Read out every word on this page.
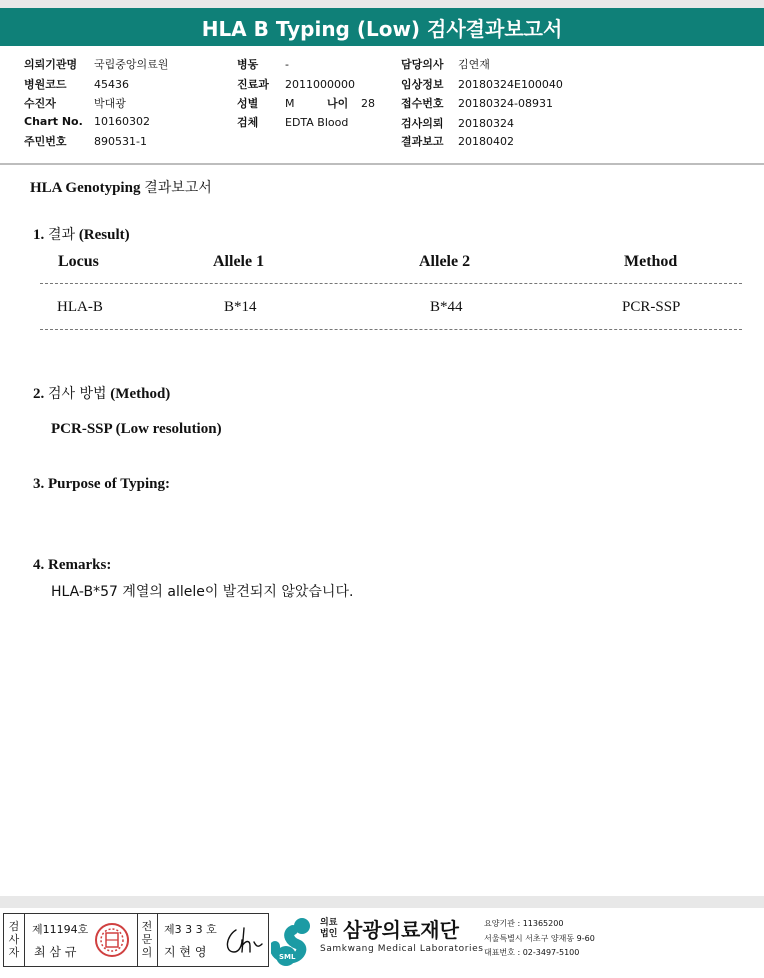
HLA B Typing (Low) 검사결과보고서
의뢰기관명 국립중앙의료원
병원코드 45436
수진자	박대광
Chart No. 10160302
주민번호 890531-1
병동 -
진료과 2011000000
성별 M	나이 28
검체 EDTA Blood
담당의사 김연재
임상정보 20180324E100040
접수번호 20180324-08931
검사의뢰 20180324
결과보고 20180402
HLA Genotyping 결과보고서
1. 결과 (Result)
Locus	Allele 1	Allele 2	Method
HLA-B	B*14	B*44	PCR-SSP
2. 검사 방법 (Method)
PCR-SSP (Low resolution)
3. Purpose of Typing:
4. Remarks:
HLA-B*57 계열의 allele이 발견되지 않았습니다.
검
사
자
제11194호
최 삼 규
전
문
의
제3 3 3 호
지 현 영	SML
의료
법인 삼광의료재단
Samkwang Medical Laboratories
요양기관 : 11365200
서울특별시 서초구 양재동 9-60
대표번호 : 02-3497-5100
